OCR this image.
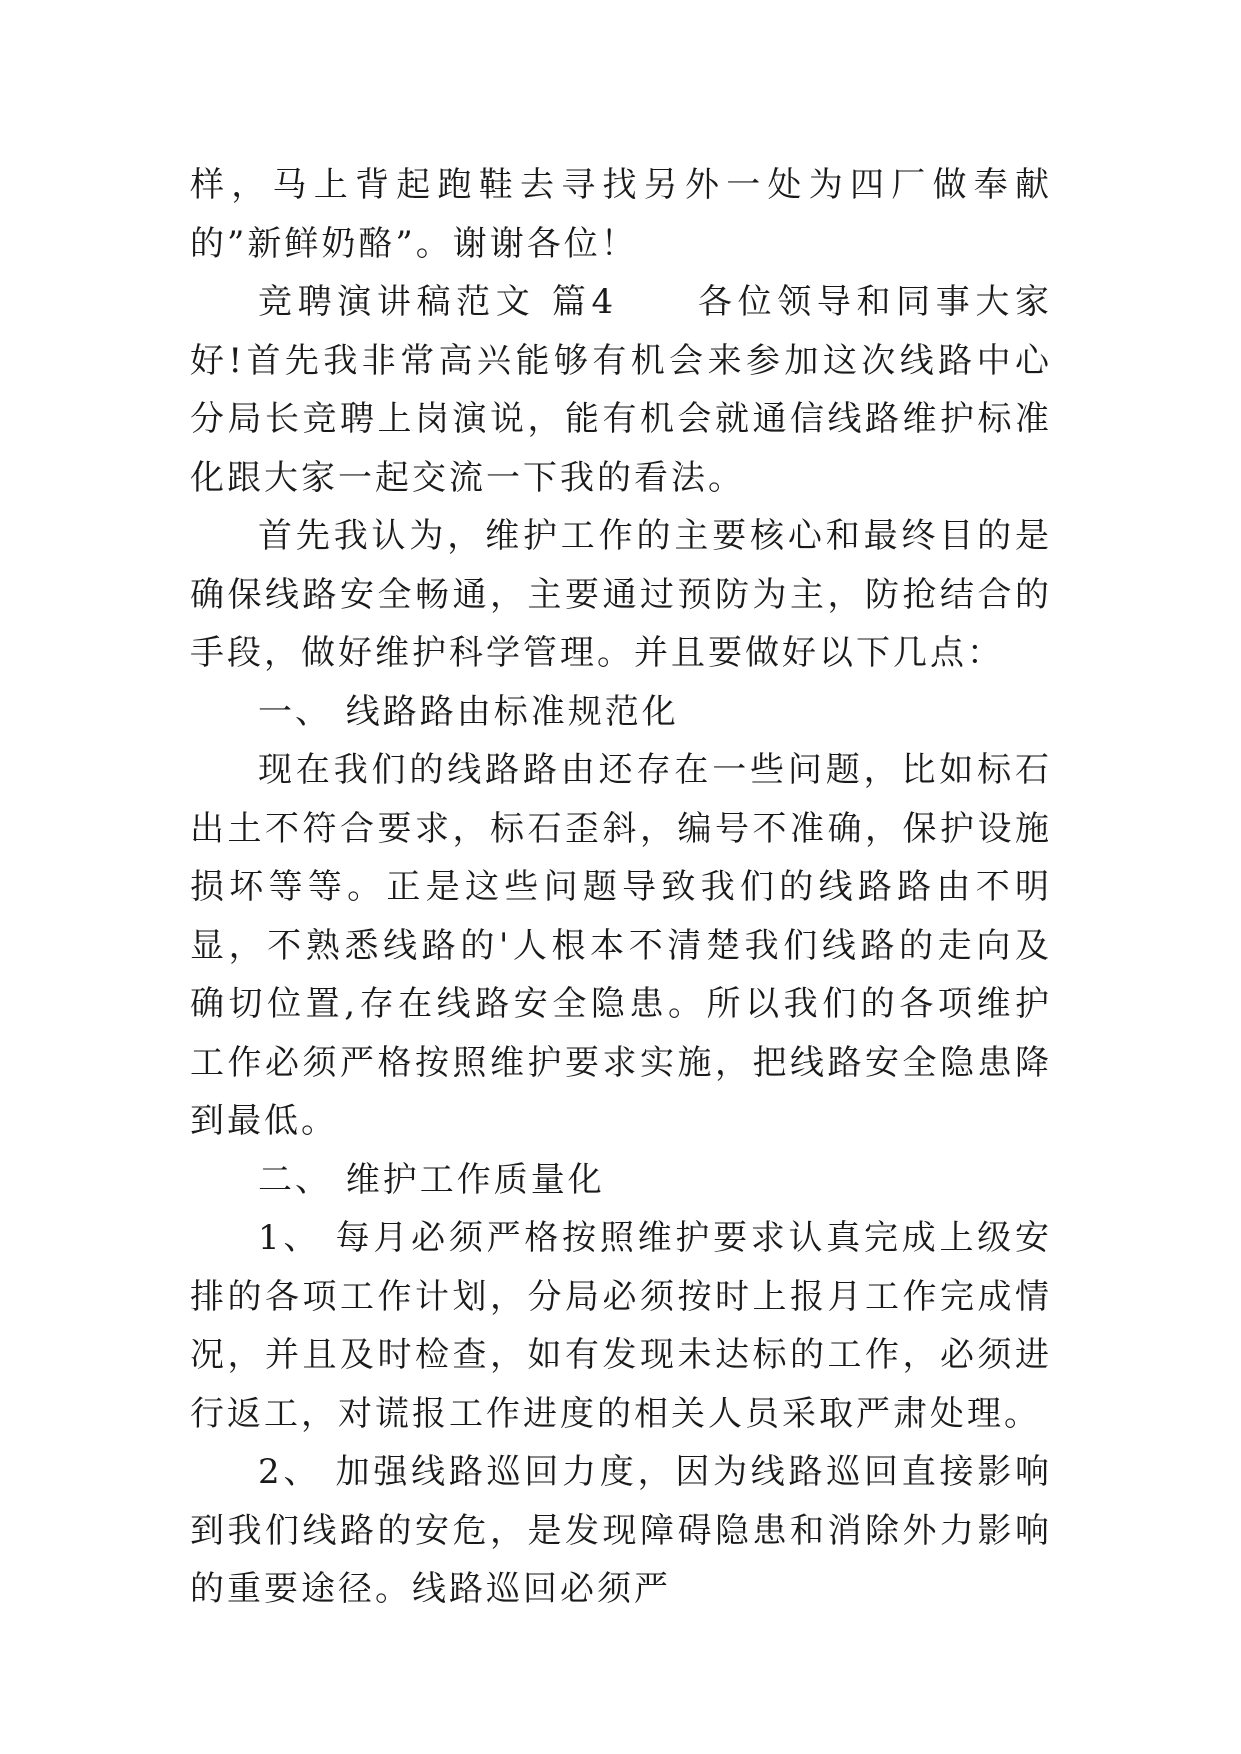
样，马上背起跑鞋去寻找另外一处为四厂做奉献的”新鲜奶酪”。谢谢各位！

竞聘演讲稿范文 篇4　　各位领导和同事大家好!首先我非常高兴能够有机会来参加这次线路中心分局长竞聘上岗演说，能有机会就通信线路维护标准化跟大家一起交流一下我的看法。

首先我认为，维护工作的主要核心和最终目的是确保线路安全畅通，主要通过预防为主，防抢结合的手段，做好维护科学管理。并且要做好以下几点：

一、 线路路由标准规范化

现在我们的线路路由还存在一些问题，比如标石出土不符合要求，标石歪斜，编号不准确，保护设施损坏等等。正是这些问题导致我们的线路路由不明显，不熟悉线路的'人根本不清楚我们线路的走向及确切位置,存在线路安全隐患。所以我们的各项维护工作必须严格按照维护要求实施，把线路安全隐患降到最低。

二、 维护工作质量化

1、 每月必须严格按照维护要求认真完成上级安排的各项工作计划，分局必须按时上报月工作完成情况，并且及时检查，如有发现未达标的工作，必须进行返工，对谎报工作进度的相关人员采取严肃处理。

2、 加强线路巡回力度，因为线路巡回直接影响到我们线路的安危，是发现障碍隐患和消除外力影响的重要途径。线路巡回必须严
